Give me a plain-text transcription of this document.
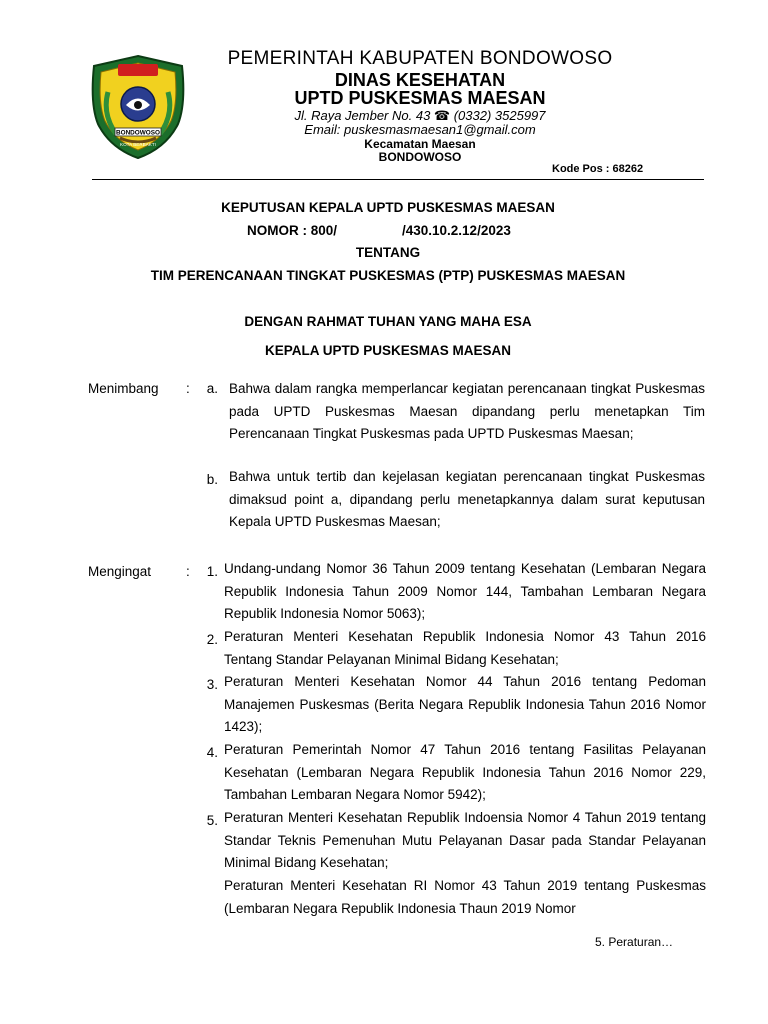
BONDOWOSO
KOTA BERBAKTI
PEMERINTAH KABUPATEN BONDOWOSO
DINAS KESEHATAN
UPTD PUSKESMAS MAESAN
Jl. Raya Jember No. 43 ☎ (0332) 3525997
Email: puskesmasmaesan1@gmail.com
Kecamatan Maesan
BONDOWOSO
Kode Pos : 68262
KEPUTUSAN KEPALA UPTD PUSKESMAS MAESAN
NOMOR : 800/	/430.10.2.12/2023
TENTANG
TIM PERENCANAAN TINGKAT PUSKESMAS (PTP) PUSKESMAS MAESAN
DENGAN RAHMAT TUHAN YANG MAHA ESA
KEPALA UPTD PUSKESMAS MAESAN
Menimbang :	a. Bahwa dalam rangka memperlancar kegiatan perencanaan tingkat Puskesmas pada UPTD Puskesmas Maesan dipandang perlu menetapkan Tim Perencanaan Tingkat Puskesmas pada UPTD Puskesmas Maesan;
b. Bahwa untuk tertib dan kejelasan kegiatan perencanaan tingkat Puskesmas dimaksud point a, dipandang perlu menetapkannya dalam surat keputusan Kepala UPTD Puskesmas Maesan;
Mengingat	:	1. Undang-undang Nomor 36 Tahun 2009 tentang Kesehatan (Lembaran Negara Republik Indonesia Tahun 2009 Nomor 144, Tambahan Lembaran Negara Republik Indonesia Nomor 5063);
2. Peraturan Menteri Kesehatan Republik Indonesia Nomor 43 Tahun 2016 Tentang Standar Pelayanan Minimal Bidang Kesehatan;
3. Peraturan Menteri Kesehatan Nomor 44 Tahun 2016 tentang Pedoman Manajemen Puskesmas (Berita Negara Republik Indonesia Tahun 2016 Nomor 1423);
4. Peraturan Pemerintah Nomor 47 Tahun 2016 tentang Fasilitas Pelayanan Kesehatan (Lembaran Negara Republik Indonesia Tahun 2016 Nomor 229, Tambahan Lembaran Negara Nomor 5942);
5. Peraturan Menteri Kesehatan Republik Indoensia Nomor 4 Tahun 2019 tentang Standar Teknis Pemenuhan Mutu Pelayanan Dasar pada Standar Pelayanan Minimal Bidang Kesehatan;
Peraturan Menteri Kesehatan RI Nomor 43 Tahun 2019 tentang Puskesmas (Lembaran Negara Republik Indonesia Thaun 2019 Nomor
5. Peraturan…
